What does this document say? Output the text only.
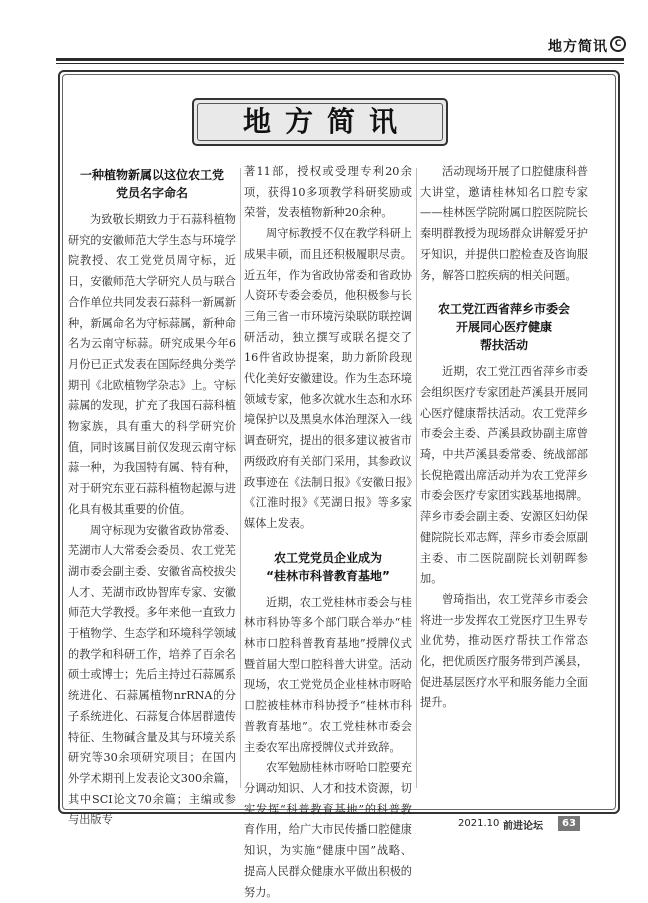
地方简讯 C
地方简讯
一种植物新属以这位农工党
党员名字命名

为致敬长期致力于石蒜科植物研究的安徽师范大学生态与环境学院教授、农工党党员周守标，近日，安徽师范大学研究人员与联合合作单位共同发表石蒜科一新属新种，新属命名为守标蒜属，新种命名为云南守标蒜。研究成果今年6月份已正式发表在国际经典分类学期刊《北欧植物学杂志》上。守标蒜属的发现，扩充了我国石蒜科植物家族，具有重大的科学研究价值，同时该属目前仅发现云南守标蒜一种，为我国特有属、特有种，对于研究东亚石蒜科植物起源与进化具有极其重要的价值。

周守标现为安徽省政协常委、芜湖市人大常委会委员、农工党芜湖市委会副主委、安徽省高校拔尖人才、芜湖市政协智库专家、安徽师范大学教授。多年来他一直致力于植物学、生态学和环境科学领域的教学和科研工作，培养了百余名硕士或博士；先后主持过石蒜属系统进化、石蒜属植物nrRNA的分子系统进化、石蒜复合体居群遗传特征、生物碱含量及其与环境关系研究等30余项研究项目；在国内外学术期刊上发表论文300余篇，其中SCI论文70余篇；主编或参与出版专

著11部，授权或受理专利20余项，获得10多项教学科研奖励或荣誉，发表植物新种20余种。

周守标教授不仅在教学科研上成果丰硕，而且还积极履职尽责。近五年，作为省政协常委和省政协人资环专委会委员，他积极参与长三角三省一市环境污染联防联控调研活动，独立撰写或联名提交了16件省政协提案，助力新阶段现代化美好安徽建设。作为生态环境领域专家，他多次就水生态和水环境保护以及黑臭水体治理深入一线调查研究，提出的很多建议被省市两级政府有关部门采用，其参政议政事迹在《法制日报》《安徽日报》《江淮时报》《芜湖日报》等多家媒体上发表。

农工党党员企业成为
“桂林市科普教育基地”

近期，农工党桂林市委会与桂林市科协等多个部门联合举办“桂林市口腔科普教育基地”授牌仪式暨首届大型口腔科普大讲堂。活动现场，农工党党员企业桂林市呀哈口腔被桂林市科协授予“桂林市科普教育基地”。农工党桂林市委会主委农军出席授牌仪式并致辞。

农军勉励桂林市呀哈口腔要充分调动知识、人才和技术资源，切实发挥“科普教育基地”的科普教育作用，给广大市民传播口腔健康知识，为实施“健康中国”战略、提高人民群众健康水平做出积极的努力。

活动现场开展了口腔健康科普大讲堂，邀请桂林知名口腔专家——桂林医学院附属口腔医院院长秦明群教授为现场群众讲解爱牙护牙知识，并提供口腔检查及咨询服务，解答口腔疾病的相关问题。

农工党江西省萍乡市委会
开展同心医疗健康
帮扶活动

近期，农工党江西省萍乡市委会组织医疗专家团赴芦溪县开展同心医疗健康帮扶活动。农工党萍乡市委会主委、芦溪县政协副主席曾琦，中共芦溪县委常委、统战部部长倪艳霞出席活动并为农工党萍乡市委会医疗专家团实践基地揭牌。萍乡市委会副主委、安源区妇幼保健院院长邓志辉，萍乡市委会原副主委、市二医院副院长刘朝晖参加。

曾琦指出，农工党萍乡市委会将进一步发挥农工党医疗卫生界专业优势，推动医疗帮扶工作常态化，把优质医疗服务带到芦溪县，促进基层医疗水平和服务能力全面提升。

2021.10 前进论坛	63
